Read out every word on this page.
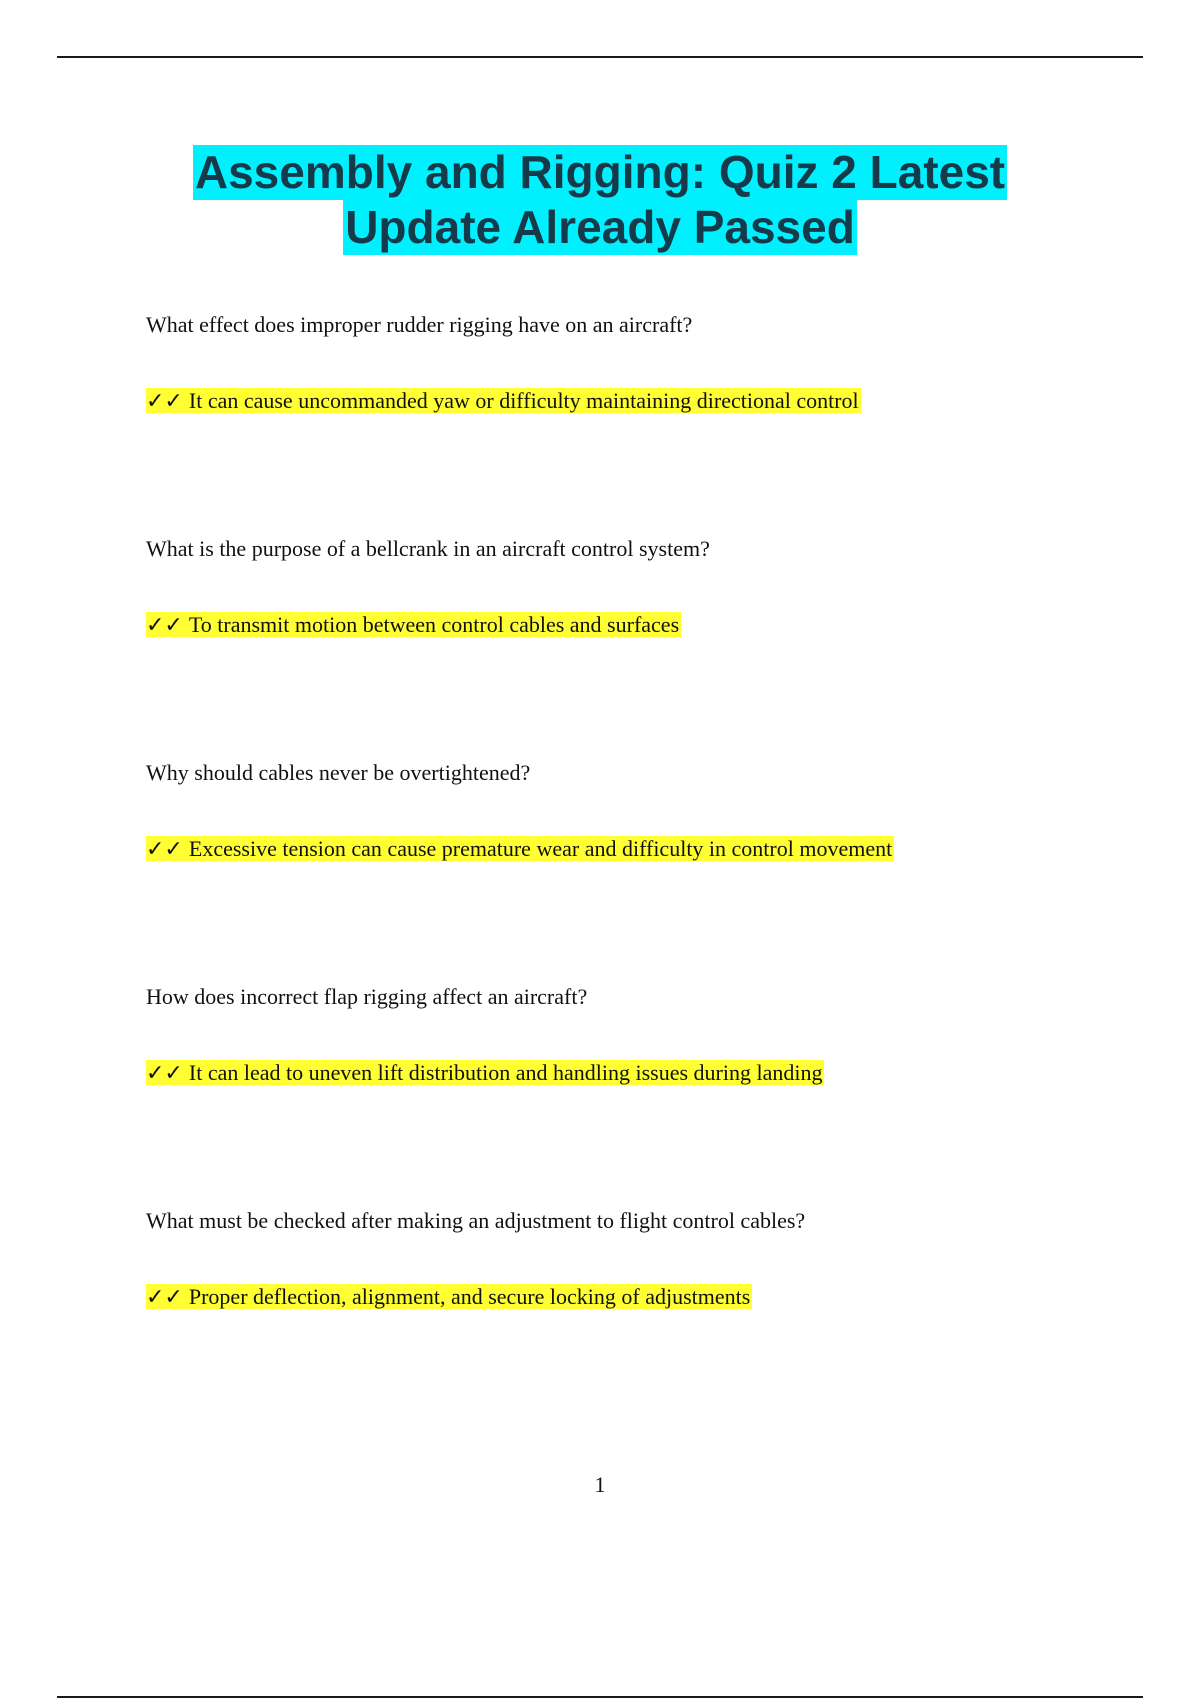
Assembly and Rigging: Quiz 2 Latest
Update Already Passed
What effect does improper rudder rigging have on an aircraft?
✓✓ It can cause uncommanded yaw or difficulty maintaining directional control
What is the purpose of a bellcrank in an aircraft control system?
✓✓ To transmit motion between control cables and surfaces
Why should cables never be overtightened?
✓✓ Excessive tension can cause premature wear and difficulty in control movement
How does incorrect flap rigging affect an aircraft?
✓✓ It can lead to uneven lift distribution and handling issues during landing
What must be checked after making an adjustment to flight control cables?
✓✓ Proper deflection, alignment, and secure locking of adjustments
1
